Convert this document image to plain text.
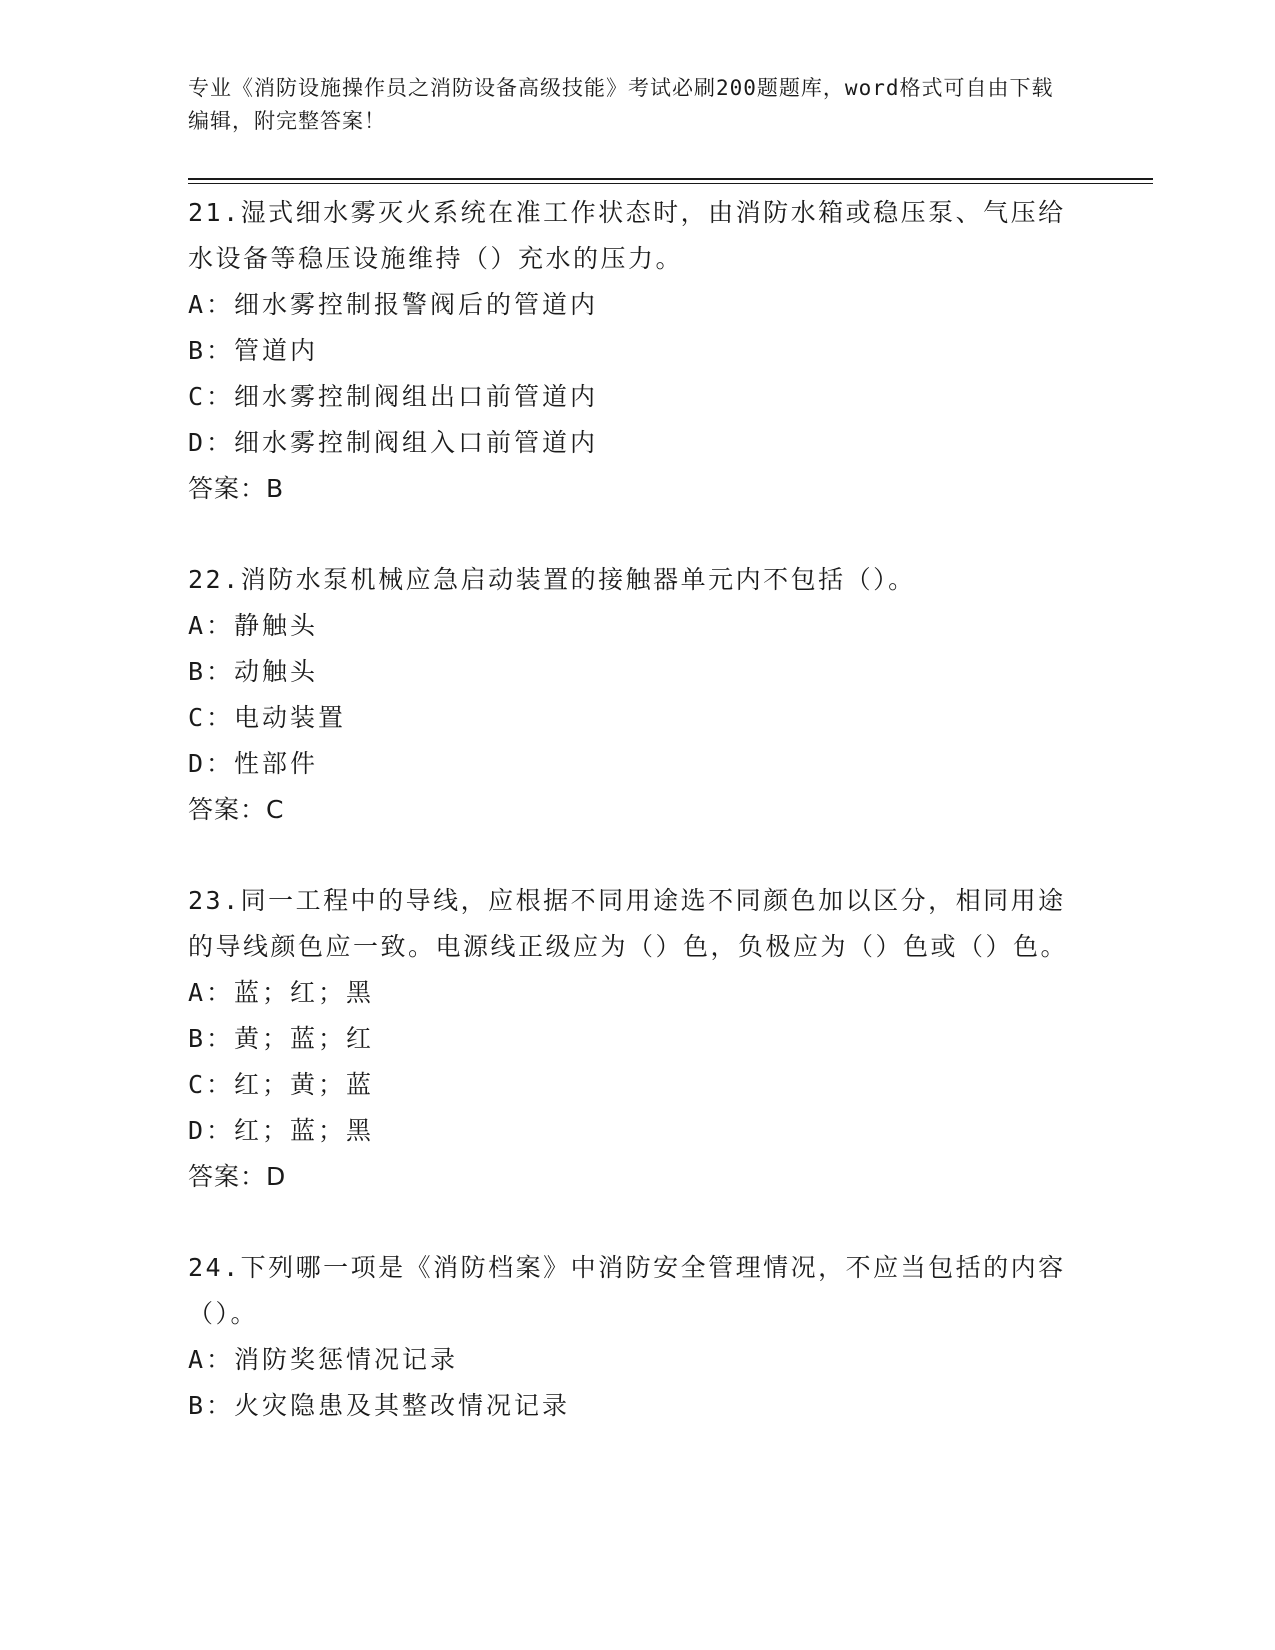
专业《消防设施操作员之消防设备高级技能》考试必刷200题题库，word格式可自由下载编辑，附完整答案！

21.湿式细水雾灭火系统在准工作状态时，由消防水箱或稳压泵、气压给水设备等稳压设施维持（）充水的压力。

A：细水雾控制报警阀后的管道内

B：管道内

C：细水雾控制阀组出口前管道内

D：细水雾控制阀组入口前管道内

答案：B

22.消防水泵机械应急启动装置的接触器单元内不包括（）。

A：静触头

B：动触头

C：电动装置

D：性部件

答案：C

23.同一工程中的导线，应根据不同用途选不同颜色加以区分，相同用途的导线颜色应一致。电源线正级应为（）色，负极应为（）色或（）色。

A：蓝；红；黑

B：黄；蓝；红

C：红；黄；蓝

D：红；蓝；黑

答案：D

24.下列哪一项是《消防档案》中消防安全管理情况，不应当包括的内容（）。

A：消防奖惩情况记录

B：火灾隐患及其整改情况记录
